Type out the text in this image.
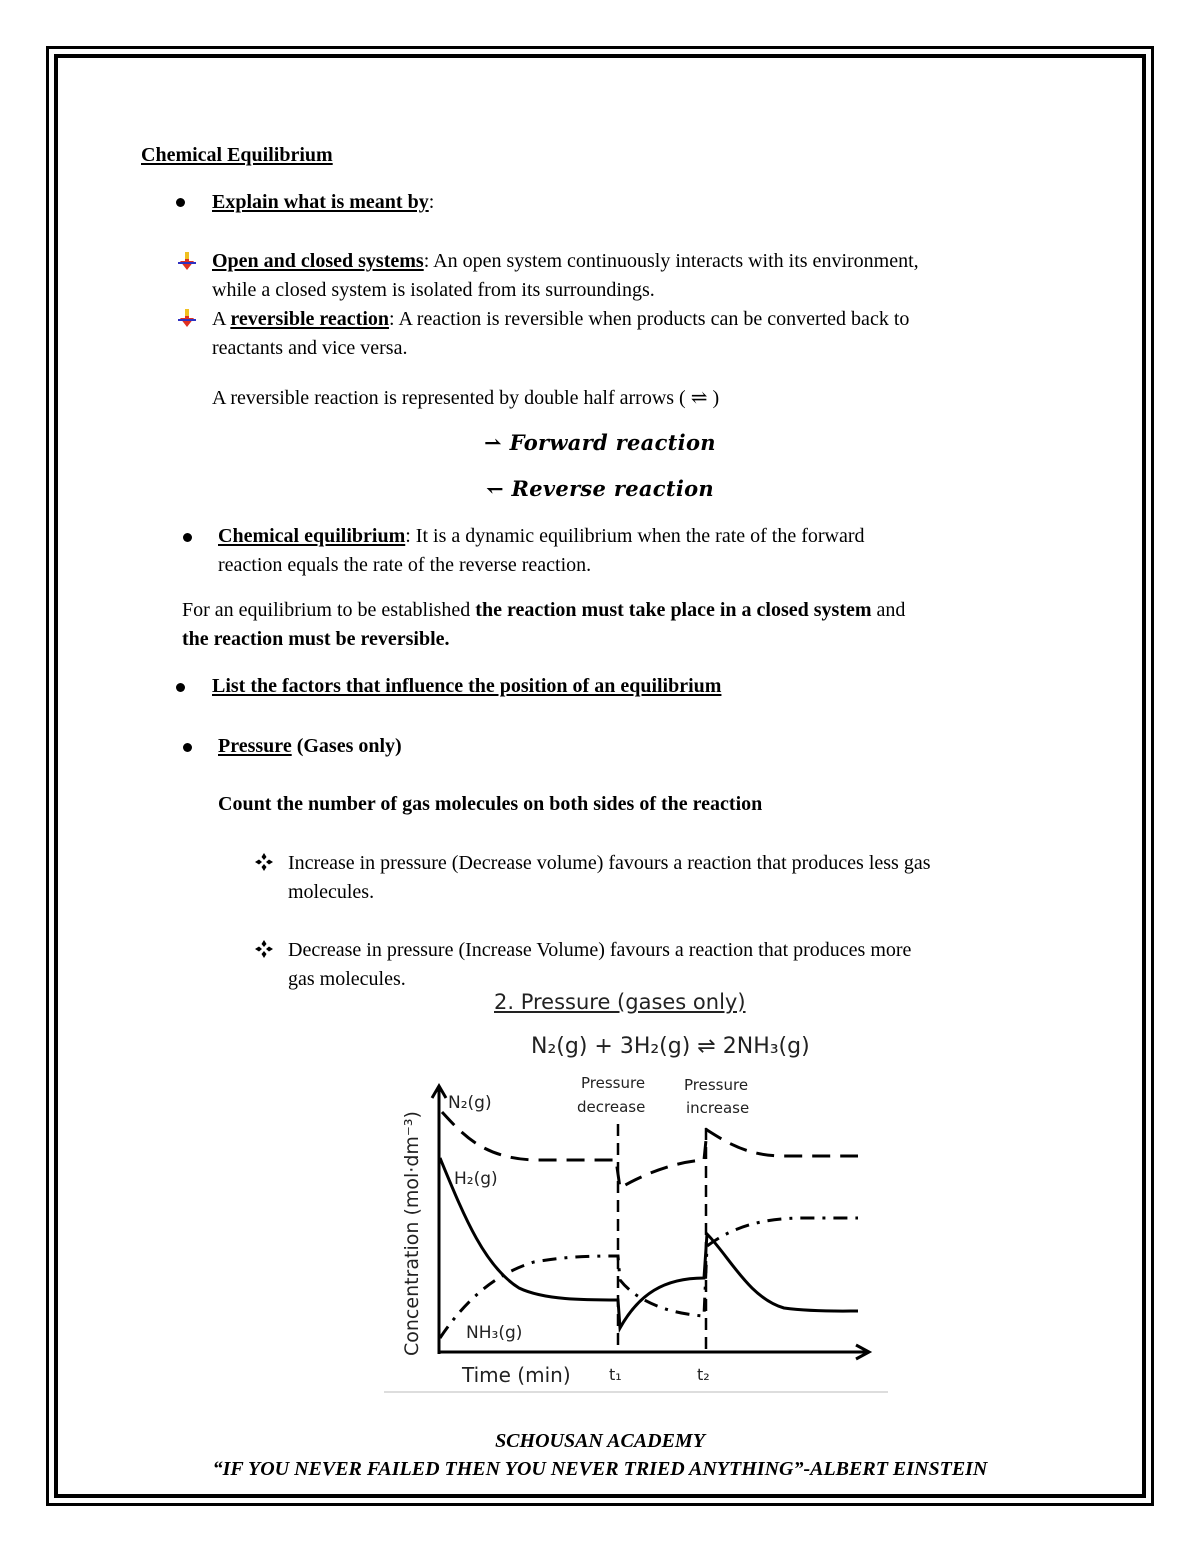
Chemical Equilibrium
Explain what is meant by:
Open and closed systems: An open system continuously interacts with its environment,
while a closed system is isolated from its surroundings.
A reversible reaction: A reaction is reversible when products can be converted back to
reactants and vice versa.
A reversible reaction is represented by double half arrows ( ⇌ )
⇀ Forward reaction
↽ Reverse reaction
Chemical equilibrium: It is a dynamic equilibrium when the rate of the forward
reaction equals the rate of the reverse reaction.
For an equilibrium to be established the reaction must take place in a closed system and
the reaction must be reversible.
List the factors that influence the position of an equilibrium
Pressure (Gases only)
Count the number of gas molecules on both sides of the reaction
Increase in pressure (Decrease volume) favours a reaction that produces less gas
molecules.
Decrease in pressure (Increase Volume) favours a reaction that produces more
gas molecules.
2. Pressure (gases only)
N₂(g) + 3H₂(g) ⇌ 2NH₃(g)
N₂(g)
H₂(g)
NH₃(g)
Pressure
decrease
Pressure
increase
Time (min) t₁	t₂
Concentration (mol·dm⁻³)
SCHOUSAN ACADEMY
“IF YOU NEVER FAILED THEN YOU NEVER TRIED ANYTHING”-ALBERT EINSTEIN
